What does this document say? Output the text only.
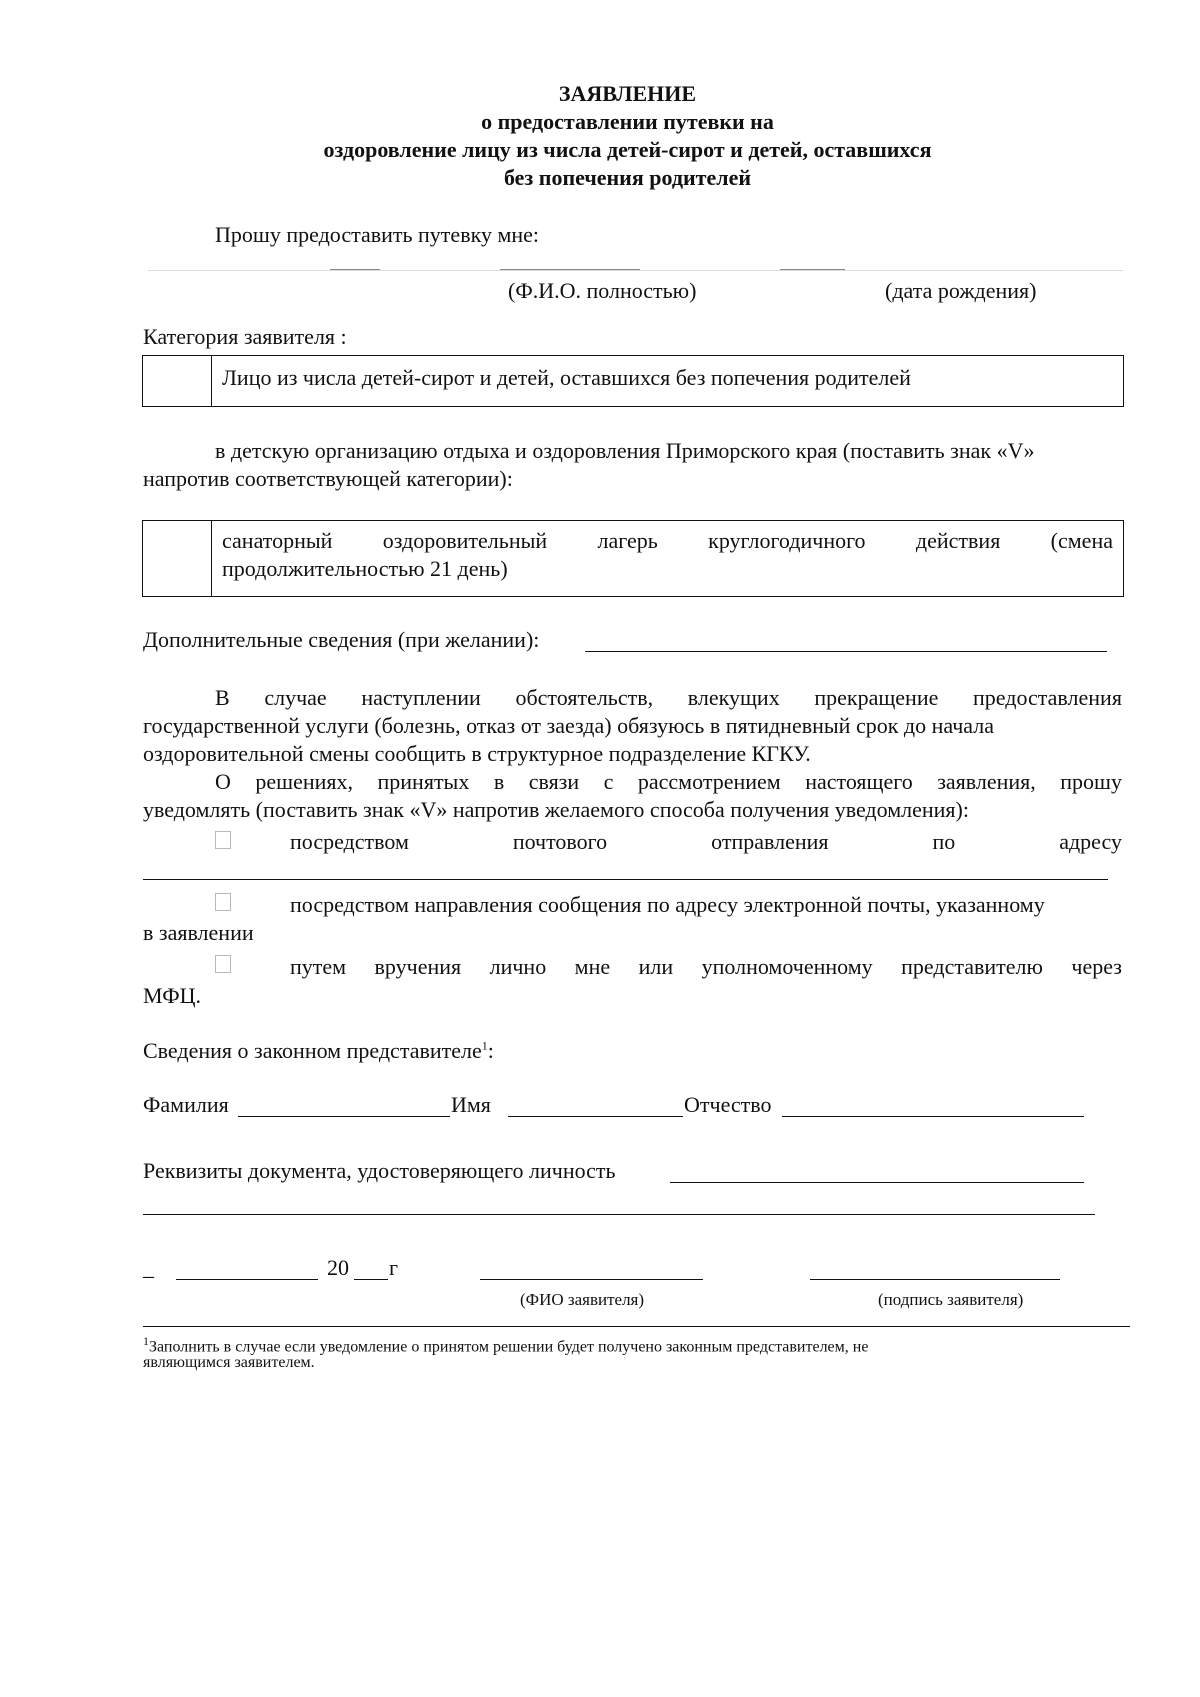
ЗАЯВЛЕНИЕ
о предоставлении путевки на
оздоровление лицу из числа детей-сирот и детей, оставшихся
без попечения родителей
Прошу предоставить путевку мне:
(Ф.И.О. полностью)	(дата рождения)
Категория заявителя :
Лицо из числа детей-сирот и детей, оставшихся без попечения родителей
в детскую организацию отдыха и оздоровления Приморского края (поставить знак «V»
напротив соответствующей категории):
санаторный оздоровительный лагерь круглогодичного действия (смена
продолжительностью 21 день)
Дополнительные сведения (при желании):
В случае наступлении обстоятельств, влекущих прекращение предоставления
государственной услуги (болезнь, отказ от заезда) обязуюсь в пятидневный срок до начала
оздоровительной смены сообщить в структурное подразделение КГКУ.
О решениях, принятых в связи с рассмотрением настоящего заявления, прошу
уведомлять (поставить знак «V» напротив желаемого способа получения уведомления):
посредством	почтового	отправления	по	адресу
посредством направления сообщения по адресу электронной почты, указанному
в заявлении
путем вручения лично мне или уполномоченному представителю через
МФЦ.
Сведения о законном представителе$^1$:
Фамилия	Имя	Отчество
Реквизиты документа, удостоверяющего личность
_	20 г
(ФИО заявителя)	(подпись заявителя)
$^1$Заполнить в случае если уведомление о принятом решении будет получено законным представителем, не
являющимся заявителем.
